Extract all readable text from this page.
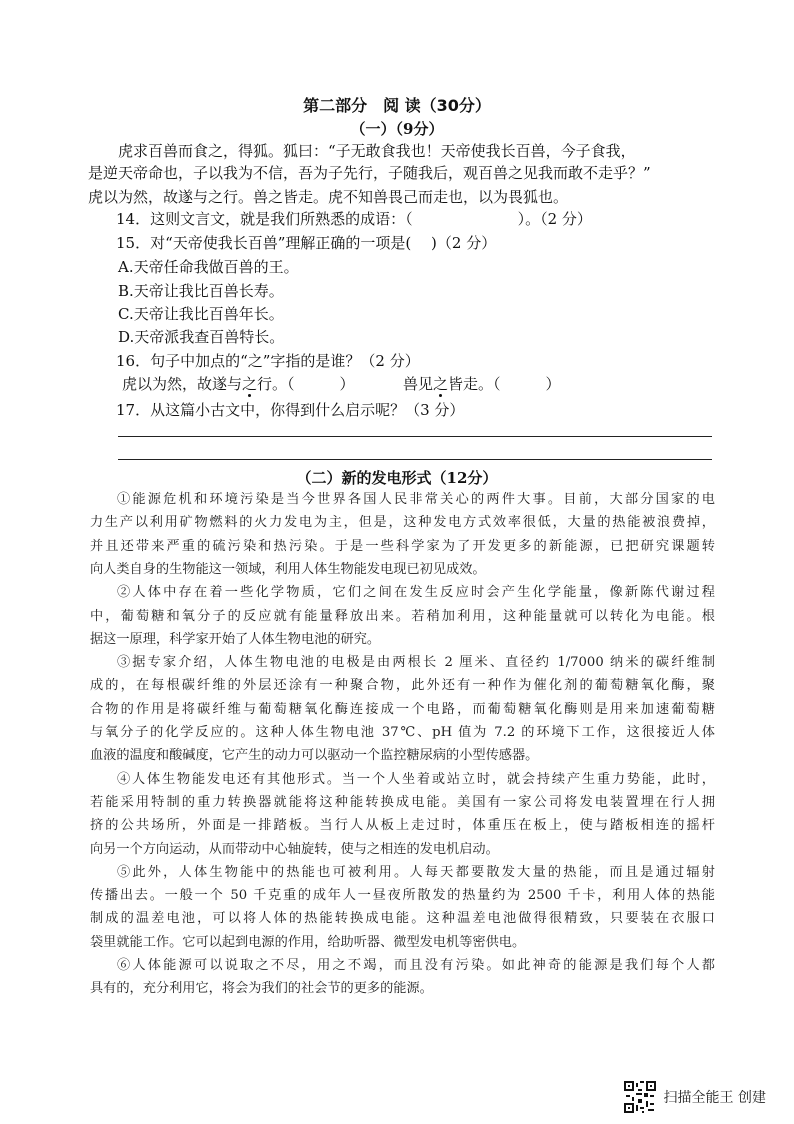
第二部分　阅 读（30分）
（一）（9分）
虎求百兽而食之，得狐。狐曰：“子无敢食我也！天帝使我长百兽，今子食我，
是逆天帝命也，子以我为不信，吾为子先行，子随我后，观百兽之见我而敢不走乎？”
虎以为然，故遂与之行。兽之皆走。虎不知兽畏己而走也，以为畏狐也。
14．这则文言文，就是我们所熟悉的成语：（　　　　　　　）。（2 分）
15．对“天帝使我长百兽”理解正确的一项是(　 )（2 分）
A.天帝任命我做百兽的王。
B.天帝让我比百兽长寿。
C.天帝让我比百兽年长。
D.天帝派我查百兽特长。
16．句子中加点的“之”字指的是谁？（2 分）
虎以为然，故遂与之行。（　　　）	兽见之皆走。（　　　）
17．从这篇小古文中，你得到什么启示呢？（3 分）
（二）新的发电形式（12分）
①能源危机和环境污染是当今世界各国人民非常关心的两件大事。目前，大部分国家的电
力生产以利用矿物燃料的火力发电为主，但是，这种发电方式效率很低，大量的热能被浪费掉，
并且还带来严重的硫污染和热污染。于是一些科学家为了开发更多的新能源，已把研究课题转
向人类自身的生物能这一领域，利用人体生物能发电现已初见成效。
②人体中存在着一些化学物质，它们之间在发生反应时会产生化学能量，像新陈代谢过程
中，葡萄糖和氧分子的反应就有能量释放出来。若稍加利用，这种能量就可以转化为电能。根
据这一原理，科学家开始了人体生物电池的研究。
③据专家介绍，人体生物电池的电极是由两根长 2 厘米、直径约 1/7000 纳米的碳纤维制
成的，在每根碳纤维的外层还涂有一种聚合物，此外还有一种作为催化剂的葡萄糖氧化酶，聚
合物的作用是将碳纤维与葡萄糖氧化酶连接成一个电路，而葡萄糖氧化酶则是用来加速葡萄糖
与氧分子的化学反应的。这种人体生物电池 37℃、pH 值为 7.2 的环境下工作，这很接近人体
血液的温度和酸碱度，它产生的动力可以驱动一个监控糖尿病的小型传感器。
④人体生物能发电还有其他形式。当一个人坐着或站立时，就会持续产生重力势能，此时，
若能采用特制的重力转换器就能将这种能转换成电能。美国有一家公司将发电装置埋在行人拥
挤的公共场所，外面是一排踏板。当行人从板上走过时，体重压在板上，使与踏板相连的摇杆
向另一个方向运动，从而带动中心轴旋转，使与之相连的发电机启动。
⑤此外，人体生物能中的热能也可被利用。人每天都要散发大量的热能，而且是通过辐射
传播出去。一般一个 50 千克重的成年人一昼夜所散发的热量约为 2500 千卡，利用人体的热能
制成的温差电池，可以将人体的热能转换成电能。这种温差电池做得很精致，只要装在衣服口
袋里就能工作。它可以起到电源的作用，给助听器、微型发电机等密供电。
⑥人体能源可以说取之不尽，用之不竭，而且没有污染。如此神奇的能源是我们每个人都
具有的，充分利用它，将会为我们的社会节的更多的能源。
扫描全能王 创建
